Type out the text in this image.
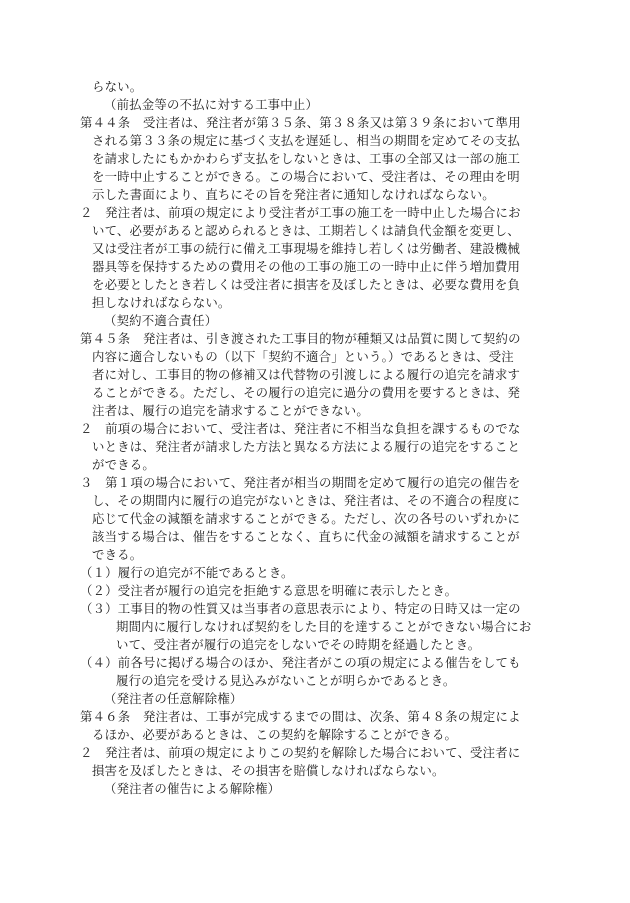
らない。
（前払金等の不払に対する工事中止）
第４４条　受注者は、発注者が第３５条、第３８条又は第３９条において準用
される第３３条の規定に基づく支払を遅延し、相当の期間を定めてその支払
を請求したにもかかわらず支払をしないときは、工事の全部又は一部の施工
を一時中止することができる。この場合において、受注者は、その理由を明
示した書面により、直ちにその旨を発注者に通知しなければならない。
２　発注者は、前項の規定により受注者が工事の施工を一時中止した場合にお
いて、必要があると認められるときは、工期若しくは請負代金額を変更し、
又は受注者が工事の続行に備え工事現場を維持し若しくは労働者、建設機械
器具等を保持するための費用その他の工事の施工の一時中止に伴う増加費用
を必要としたとき若しくは受注者に損害を及ぼしたときは、必要な費用を負
担しなければならない。
（契約不適合責任）
第４５条　発注者は、引き渡された工事目的物が種類又は品質に関して契約の
内容に適合しないもの（以下「契約不適合」という。）であるときは、受注
者に対し、工事目的物の修補又は代替物の引渡しによる履行の追完を請求す
ることができる。ただし、その履行の追完に過分の費用を要するときは、発
注者は、履行の追完を請求することができない。
２　前項の場合において、受注者は、発注者に不相当な負担を課するものでな
いときは、発注者が請求した方法と異なる方法による履行の追完をすること
ができる。
３　第１項の場合において、発注者が相当の期間を定めて履行の追完の催告を
し、その期間内に履行の追完がないときは、発注者は、その不適合の程度に
応じて代金の減額を請求することができる。ただし、次の各号のいずれかに
該当する場合は、催告をすることなく、直ちに代金の減額を請求することが
できる。
（１）履行の追完が不能であるとき。
（２）受注者が履行の追完を拒絶する意思を明確に表示したとき。
（３）工事目的物の性質又は当事者の意思表示により、特定の日時又は一定の
期間内に履行しなければ契約をした目的を達することができない場合にお
いて、受注者が履行の追完をしないでその時期を経過したとき。
（４）前各号に掲げる場合のほか、発注者がこの項の規定による催告をしても
履行の追完を受ける見込みがないことが明らかであるとき。
（発注者の任意解除権）
第４６条　発注者は、工事が完成するまでの間は、次条、第４８条の規定によ
るほか、必要があるときは、この契約を解除することができる。
２　発注者は、前項の規定によりこの契約を解除した場合において、受注者に
損害を及ぼしたときは、その損害を賠償しなければならない。
（発注者の催告による解除権）
